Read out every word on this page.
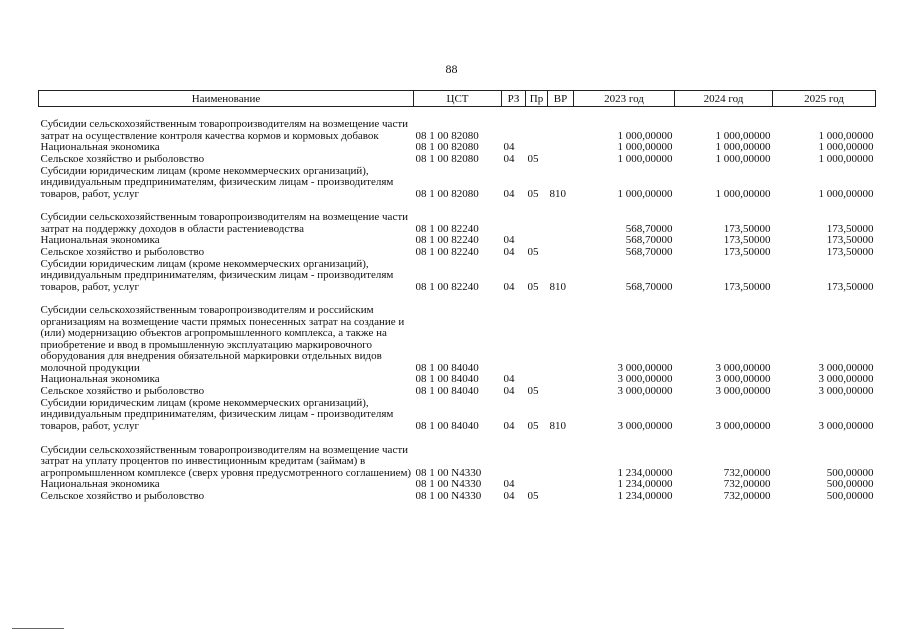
88
Наименование	ЦСТ	РЗ	Пр	ВР	2023 год	2024 год	2025 год
Субсидии сельскохозяйственным товаропроизводителям на возмещение части затрат на осуществление контроля качества кормов и кормовых добавок	08 1 00 82080				1 000,00000	1 000,00000	1 000,00000
Национальная экономика	08 1 00 82080	04			1 000,00000	1 000,00000	1 000,00000
Сельское хозяйство и рыболовство	08 1 00 82080	04	05		1 000,00000	1 000,00000	1 000,00000
Субсидии юридическим лицам (кроме некоммерческих организаций), индивидуальным предпринимателям, физическим лицам - производителям товаров, работ, услуг	08 1 00 82080	04	05	810	1 000,00000	1 000,00000	1 000,00000
Субсидии сельскохозяйственным товаропроизводителям на возмещение части затрат на поддержку доходов в области растениеводства	08 1 00 82240				568,70000	173,50000	173,50000
Национальная экономика	08 1 00 82240	04			568,70000	173,50000	173,50000
Сельское хозяйство и рыболовство	08 1 00 82240	04	05		568,70000	173,50000	173,50000
Субсидии юридическим лицам (кроме некоммерческих организаций), индивидуальным предпринимателям, физическим лицам - производителям товаров, работ, услуг	08 1 00 82240	04	05	810	568,70000	173,50000	173,50000
Субсидии сельскохозяйственным товаропроизводителям и российским организациям на возмещение части прямых понесенных затрат на создание и (или) модернизацию объектов агропромышленного комплекса, а также на приобретение и ввод в промышленную эксплуатацию маркировочного оборудования для внедрения обязательной маркировки отдельных видов молочной продукции	08 1 00 84040				3 000,00000	3 000,00000	3 000,00000
Национальная экономика	08 1 00 84040	04			3 000,00000	3 000,00000	3 000,00000
Сельское хозяйство и рыболовство	08 1 00 84040	04	05		3 000,00000	3 000,00000	3 000,00000
Субсидии юридическим лицам (кроме некоммерческих организаций), индивидуальным предпринимателям, физическим лицам - производителям товаров, работ, услуг	08 1 00 84040	04	05	810	3 000,00000	3 000,00000	3 000,00000
Субсидии сельскохозяйственным товаропроизводителям на возмещение части затрат на уплату процентов по инвестиционным кредитам (займам) в агропромышленном комплексе (сверх уровня предусмотренного соглашением)	08 1 00 N4330				1 234,00000	732,00000	500,00000
Национальная экономика	08 1 00 N4330	04			1 234,00000	732,00000	500,00000
Сельское хозяйство и рыболовство	08 1 00 N4330	04	05		1 234,00000	732,00000	500,00000
